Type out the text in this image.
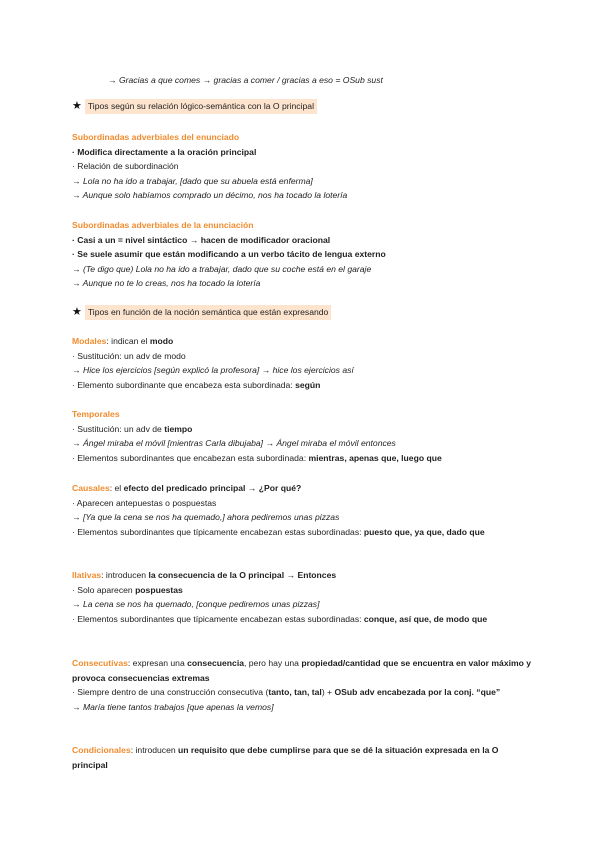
→ Gracias a que comes → gracias a comer / gracias a eso = OSub sust
★ Tipos según su relación lógico-semántica con la O principal
Subordinadas adverbiales del enunciado
· Modifica directamente a la oración principal
· Relación de subordinación
→ Lola no ha ido a trabajar, [dado que su abuela está enferma]
→ Aunque solo habíamos comprado un décimo, nos ha tocado la lotería
Subordinadas adverbiales de la enunciación
· Casi a un = nivel sintáctico → hacen de modificador oracional
· Se suele asumir que están modificando a un verbo tácito de lengua externo
→ (Te digo que) Lola no ha ido a trabajar, dado que su coche está en el garaje
→ Aunque no te lo creas, nos ha tocado la lotería
★ Tipos en función de la noción semántica que están expresando
Modales: indican el modo
· Sustitución: un adv de modo
→ Hice los ejercicios [según explicó la profesora] → hice los ejercicios así
· Elemento subordinante que encabeza esta subordinada: según
Temporales
· Sustitución: un adv de tiempo
→ Ángel miraba el móvil [mientras Carla dibujaba] → Ángel miraba el móvil entonces
· Elementos subordinantes que encabezan esta subordinada: mientras, apenas que, luego que
Causales: el efecto del predicado principal → ¿Por qué?
· Aparecen antepuestas o pospuestas
→ [Ya que la cena se nos ha quemado,] ahora pediremos unas pizzas
· Elementos subordinantes que típicamente encabezan estas subordinadas: puesto que, ya que, dado que
Ilativas: introducen la consecuencia de la O principal → Entonces
· Solo aparecen pospuestas
→ La cena se nos ha quemado, [conque pediremos unas pizzas]
· Elementos subordinantes que típicamente encabezan estas subordinadas: conque, así que, de modo que
Consecutivas: expresan una consecuencia, pero hay una propiedad/cantidad que se encuentra en valor máximo y provoca consecuencias extremas
· Siempre dentro de una construcción consecutiva (tanto, tan, tal) + OSub adv encabezada por la conj. “que”
→ María tiene tantos trabajos [que apenas la vemos]
Condicionales: introducen un requisito que debe cumplirse para que se dé la situación expresada en la O principal
